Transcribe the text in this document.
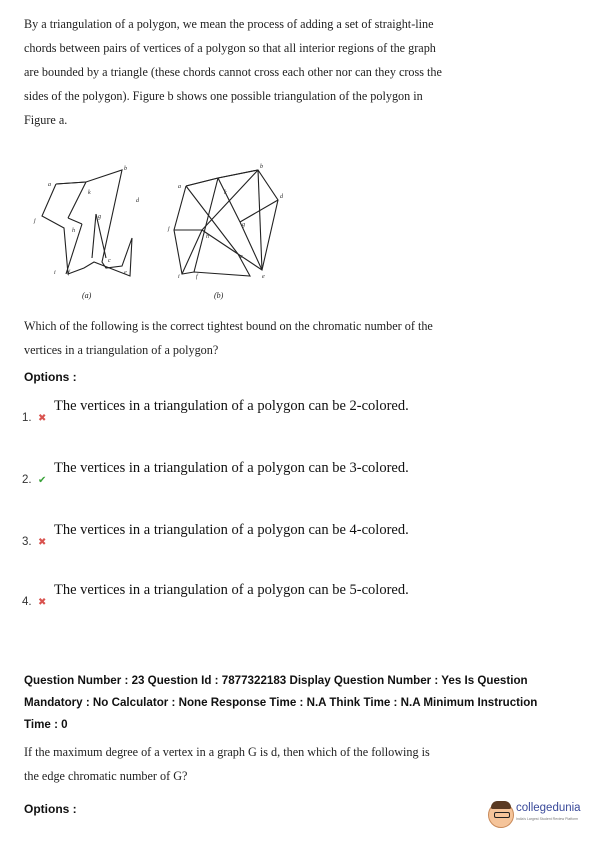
By a triangulation of a polygon, we mean the process of adding a set of straight-line
chords between pairs of vertices of a polygon so that all interior regions of the graph
are bounded by a triangle (these chords cannot cross each other nor can they cross the
sides of the polygon). Figure b shows one possible triangulation of the polygon in
Figure a.
a
b
c
d
e
f
g
h
i
j
k
a
b
c
d
e
f
g
h
i
j
k
(a)	(b)
Which of the following is the correct tightest bound on the chromatic number of the
vertices in a triangulation of a polygon?
Options :
1. ✖
The vertices in a triangulation of a polygon can be 2-colored.
2. ✔
The vertices in a triangulation of a polygon can be 3-colored.
3. ✖
The vertices in a triangulation of a polygon can be 4-colored.
4. ✖
The vertices in a triangulation of a polygon can be 5-colored.
Question Number : 23 Question Id : 7877322183 Display Question Number : Yes Is Question
Mandatory : No Calculator : None Response Time : N.A Think Time : N.A Minimum Instruction
Time : 0
If the maximum degree of a vertex in a graph G is d, then which of the following is
the edge chromatic number of G?
Options :	collegedunia
India's Largest Student Review Platform
